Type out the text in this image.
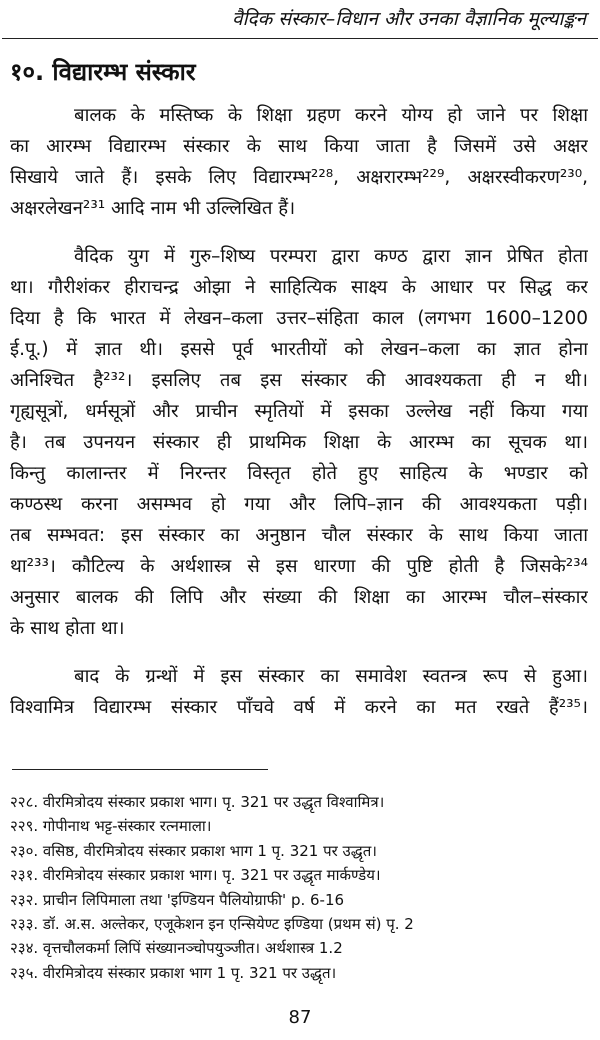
वैदिक संस्कार–विधान और उनका वैज्ञानिक मूल्याङ्कन
१०. विद्यारम्भ संस्कार
बालक के मस्तिष्क के शिक्षा ग्रहण करने योग्य हो जाने पर शिक्षा
का आरम्भ विद्यारम्भ संस्कार के साथ किया जाता है जिसमें उसे अक्षर
सिखाये जाते हैं। इसके लिए विद्यारम्भ²²⁸, अक्षरारम्भ²²⁹, अक्षरस्वीकरण²³⁰,
अक्षरलेखन²³¹ आदि नाम भी उल्लिखित हैं।
वैदिक युग में गुरु–शिष्य परम्परा द्वारा कण्ठ द्वारा ज्ञान प्रेषित होता
था। गौरीशंकर हीराचन्द्र ओझा ने साहित्यिक साक्ष्य के आधार पर सिद्ध कर
दिया है कि भारत में लेखन–कला उत्तर–संहिता काल (लगभग 1600–1200
ई.पू.) में ज्ञात थी। इससे पूर्व भारतीयों को लेखन–कला का ज्ञात होना
अनिश्चित है²³²। इसलिए तब इस संस्कार की आवश्यकता ही न थी।
गृह्यसूत्रों, धर्मसूत्रों और प्राचीन स्मृतियों में इसका उल्लेख नहीं किया गया
है। तब उपनयन संस्कार ही प्राथमिक शिक्षा के आरम्भ का सूचक था।
किन्तु कालान्तर में निरन्तर विस्तृत होते हुए साहित्य के भण्डार को
कण्ठस्थ करना असम्भव हो गया और लिपि–ज्ञान की आवश्यकता पड़ी।
तब सम्भवत: इस संस्कार का अनुष्ठान चौल संस्कार के साथ किया जाता
था²³³। कौटिल्य के अर्थशास्त्र से इस धारणा की पुष्टि होती है जिसके²³⁴
अनुसार बालक की लिपि और संख्या की शिक्षा का आरम्भ चौल–संस्कार
के साथ होता था।
बाद के ग्रन्थों में इस संस्कार का समावेश स्वतन्त्र रूप से हुआ।
विश्वामित्र विद्यारम्भ संस्कार पाँचवे वर्ष में करने का मत रखते हैं²³⁵।
२२८. वीरमित्रोदय संस्कार प्रकाश भाग। पृ. 321 पर उद्धृत विश्वामित्र।
२२९. गोपीनाथ भट्ट-संस्कार रत्नमाला।
२३०. वसिष्ठ, वीरमित्रोदय संस्कार प्रकाश भाग 1 पृ. 321 पर उद्धृत।
२३१. वीरमित्रोदय संस्कार प्रकाश भाग। पृ. 321 पर उद्धृत मार्कण्डेय।
२३२. प्राचीन लिपिमाला तथा 'इण्डियन पैलियोग्राफी' p. 6-16
२३३. डॉ. अ.स. अल्तेकर, एजूकेशन इन एन्सियेण्ट इण्डिया (प्रथम सं) पृ. 2
२३४. वृत्तचौलकर्मा लिपिं संख्यानञ्चोपयुञ्जीत। अर्थशास्त्र 1.2
२३५. वीरमित्रोदय संस्कार प्रकाश भाग 1 पृ. 321 पर उद्धृत।
87
